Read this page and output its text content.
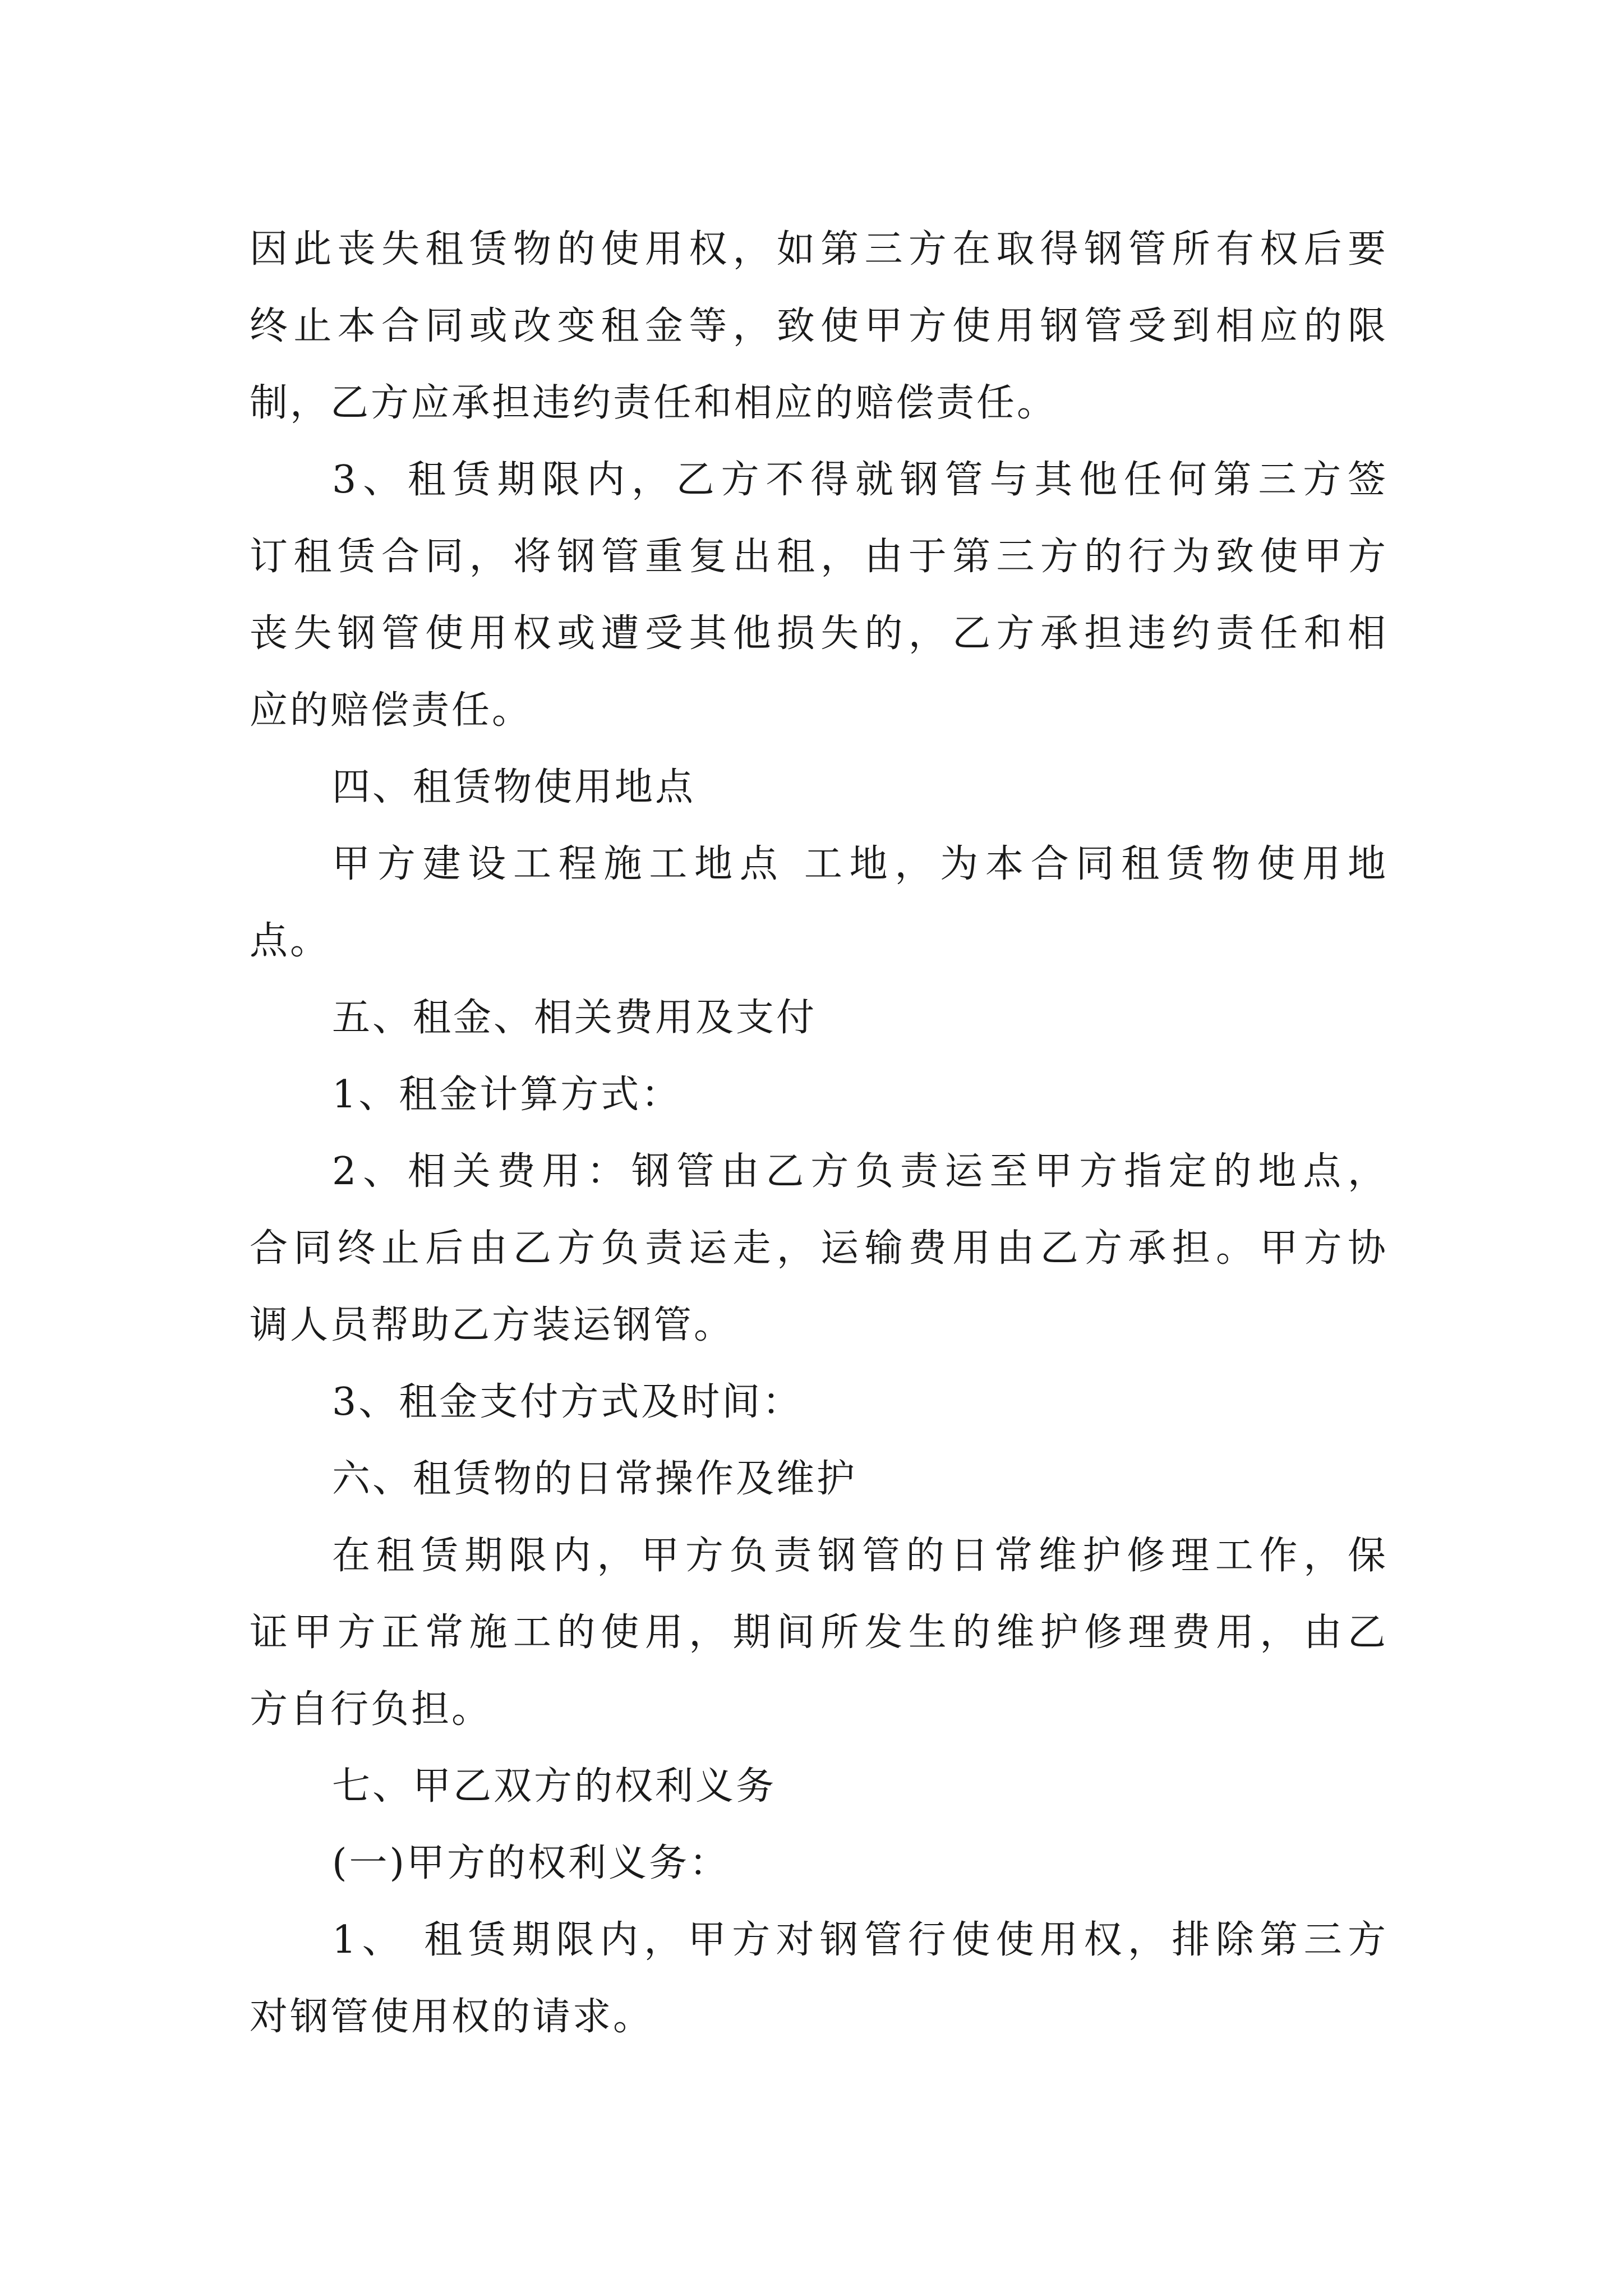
因此丧失租赁物的使用权，如第三方在取得钢管所有权后要
终止本合同或改变租金等，致使甲方使用钢管受到相应的限
制，乙方应承担违约责任和相应的赔偿责任。
3、租赁期限内，乙方不得就钢管与其他任何第三方签
订租赁合同，将钢管重复出租，由于第三方的行为致使甲方
丧失钢管使用权或遭受其他损失的，乙方承担违约责任和相
应的赔偿责任。
四、租赁物使用地点
甲方建设工程施工地点 工地，为本合同租赁物使用地
点。
五、租金、相关费用及支付
1、租金计算方式：
2、相关费用：钢管由乙方负责运至甲方指定的地点，
合同终止后由乙方负责运走，运输费用由乙方承担。甲方协
调人员帮助乙方装运钢管。
3、租金支付方式及时间：
六、租赁物的日常操作及维护
在租赁期限内，甲方负责钢管的日常维护修理工作，保
证甲方正常施工的使用，期间所发生的维护修理费用，由乙
方自行负担。
七、甲乙双方的权利义务
(一)甲方的权利义务：
1、 租赁期限内，甲方对钢管行使使用权，排除第三方
对钢管使用权的请求。
